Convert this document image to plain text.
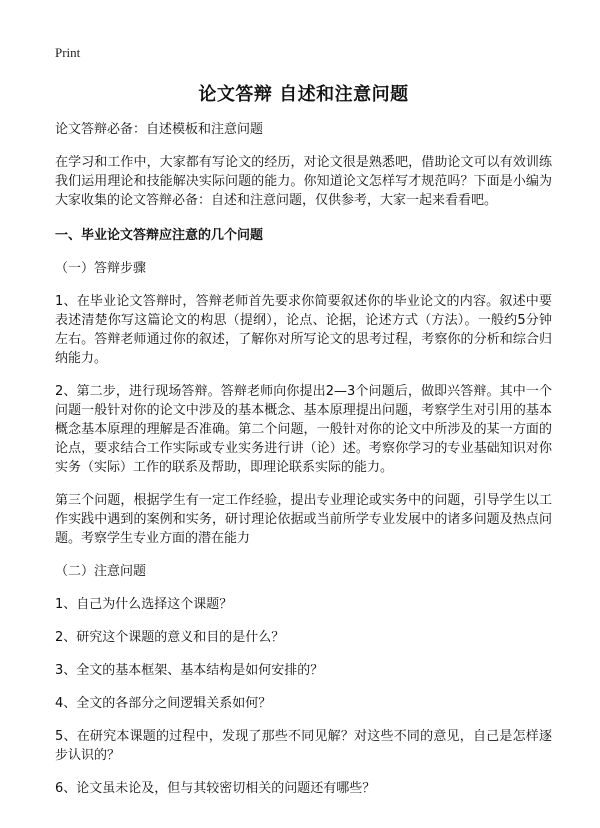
Print
论文答辩 自述和注意问题

论文答辩必备：自述模板和注意问题

在学习和工作中，大家都有写论文的经历，对论文很是熟悉吧，借助论文可以有效训练我们运用理论和技能解决实际问题的能力。你知道论文怎样写才规范吗？下面是小编为大家收集的论文答辩必备：自述和注意问题，仅供参考，大家一起来看看吧。

一、毕业论文答辩应注意的几个问题

（一）答辩步骤

1、在毕业论文答辩时，答辩老师首先要求你简要叙述你的毕业论文的内容。叙述中要表述清楚你写这篇论文的构思（提纲），论点、论据，论述方式（方法）。一般约5分钟左右。答辩老师通过你的叙述，了解你对所写论文的思考过程，考察你的分析和综合归纳能力。

2、第二步，进行现场答辩。答辩老师向你提出2—3个问题后，做即兴答辩。其中一个问题一般针对你的论文中涉及的基本概念、基本原理提出问题，考察学生对引用的基本概念基本原理的理解是否准确。第二个问题，一般针对你的论文中所涉及的某一方面的论点，要求结合工作实际或专业实务进行讲（论）述。考察你学习的专业基础知识对你实务（实际）工作的联系及帮助，即理论联系实际的能力。

第三个问题，根据学生有一定工作经验，提出专业理论或实务中的问题，引导学生以工作实践中遇到的案例和实务，研讨理论依据或当前所学专业发展中的诸多问题及热点问题。考察学生专业方面的潜在能力

（二）注意问题

1、自己为什么选择这个课题？

2、研究这个课题的意义和目的是什么？

3、全文的基本框架、基本结构是如何安排的？

4、全文的各部分之间逻辑关系如何？

5、在研究本课题的过程中，发现了那些不同见解？对这些不同的意见，自己是怎样逐步认识的？

6、论文虽未论及，但与其较密切相关的问题还有哪些？
